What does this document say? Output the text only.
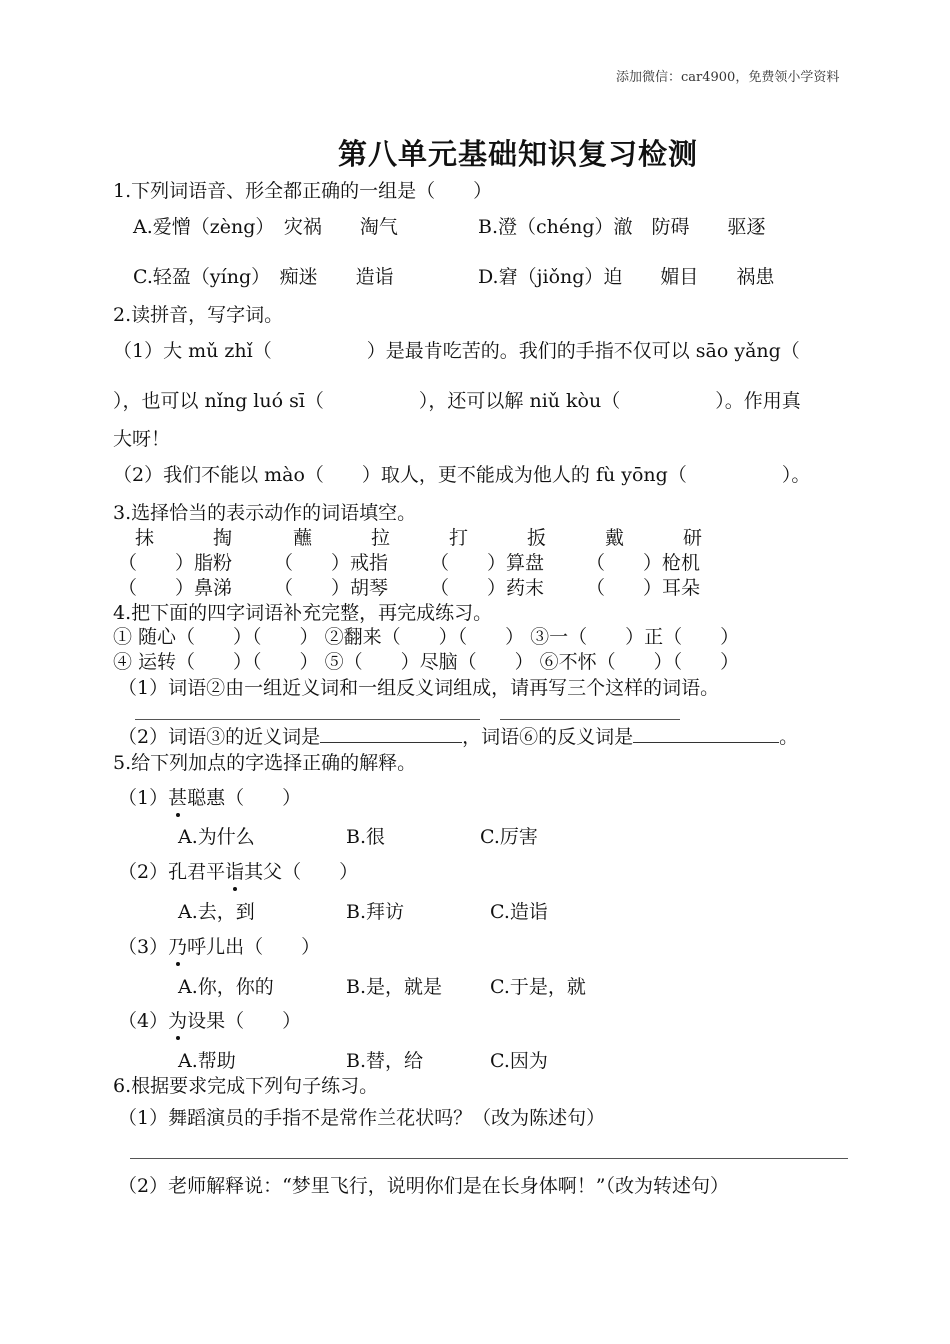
添加微信：car4900，免费领小学资料
第八单元基础知识复习检测
1.下列词语音、形全都正确的一组是（　　）
A.爱憎（zèng）　灾祸　　淘气	B.澄（chéng）澈　防碍　　驱逐
C.轻盈（yíng）　痴迷　　造诣	D.窘（jiǒng）迫　　媚目　　祸患
2.读拼音，写字词。
（1）大 mǔ zhǐ（　　　　　）是最肯吃苦的。我们的手指不仅可以 sāo yǎng（
），也可以 nǐng luó sī（　　　　　），还可以解 niǔ kòu（　　　　　）。作用真
大呀！
（2）我们不能以 mào（　　）取人，更不能成为他人的 fù yōng（　　　　　）。
3.选择恰当的表示动作的词语填空。
抹	掏	蘸	拉	打	扳	戴	研
（　　）脂粉 （　　）戒指 （　　）算盘 （　　）枪机
（　　）鼻涕 （　　）胡琴 （　　）药末 （　　）耳朵
4.把下面的四字词语补充完整，再完成练习。
① 随心（　　）（　　） ②翻来（　　）（　　） ③一（　　）正（　　）
④ 运转（　　）（　　） ⑤（　　）尽脑（　　） ⑥不怀（　　）（　　）
（1）词语②由一组近义词和一组反义词组成，请再写三个这样的词语。
（2）词语③的近义词是	，词语⑥的反义词是	。
5.给下列加点的字选择正确的解释。
（1）甚聪惠（　　）
A.为什么	B.很	C.厉害
（2）孔君平诣其父（　　）
A.去，到	B.拜访	C.造诣
（3）乃呼儿出（　　）
A.你，你的	B.是，就是	C.于是，就
（4）为设果（　　）
A.帮助	B.替，给	C.因为
6.根据要求完成下列句子练习。
（1）舞蹈演员的手指不是常作兰花状吗？（改为陈述句）
（2）老师解释说：“梦里飞行，说明你们是在长身体啊！”（改为转述句）
